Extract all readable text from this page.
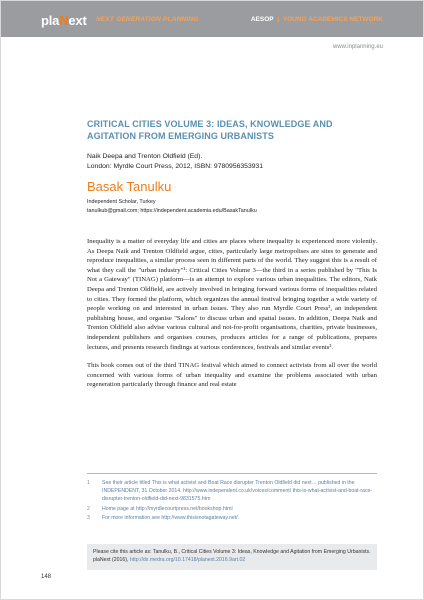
plaNext NEXT GENERATION PLANNING	AESOP | YOUNG ACADEMICS NETWORK
www.inplanning.eu
CRITICAL CITIES VOLUME 3: IDEAS, KNOWLEDGE AND AGITATION FROM EMERGING URBANISTS
Naik Deepa and Trenton Oldfield (Ed).
London: Myrdle Court Press, 2012, ISBN: 9780956353931
Basak Tanulku
Independent Scholar, Turkey
tanulkub@gmail.com; https://independent.academia.edu/BasakTanulku

Inequality is a matter of everyday life and cities are places where inequality is experienced more violently. As Deepa Naik and Trenton Oldfield argue, cities, particularly large metropolises are sites to generate and reproduce inequalities, a similar process seen in different parts of the world. They suggest this is a result of what they call the "urban industry"¹: Critical Cities Volume 3—the third in a series published by "This Is Not a Gateway" (TINAG) platform—is an attempt to explore various urban inequalities. The editors, Naik Deepa and Trenton Oldfield, are actively involved in bringing forward various forms of inequalities related to cities. They formed the platform, which organizes the annual festival bringing together a wide variety of people working on and interested in urban issues. They also run Myrdle Court Press², an independent publishing house, and organise "Salons" to discuss urban and spatial issues. In addition, Deepa Naik and Trenton Oldfield also advise various cultural and not-for-profit organisations, charities, private businesses, independent publishers and organises courses, produces articles for a range of publications, prepares lectures, and presents research findings at various conferences, festivals and similar events³.

This book comes out of the third TINAG festival which aimed to connect activists from all over the world concerned with various forms of urban inequality and examine the problems associated with urban regeneration particularly through finance and real estate

1	See their article titled This is what activist and Boat Race disrupter Trenton Oldfield did next… published in the INDEPENDENT, 31 October 2014. http://www.independent.co.uk/voices/comment/ this-is-what-activist-and-boat-race-disrupter-trenton-oldfield-did-next-9831575.htm
2	Home page at http://myrdlecourtpress.net/bookshop.html
3	For more information see http://www.thisisnotagateway.net/.
Please cite this article as: Tanulku, B., Critical Cities Volume 3: Ideas, Knowledge and Agitation from Emerging Urbanists. plaNext (2016), http://dx.medra.org/10.17418/planext.2016.9art.02
148
